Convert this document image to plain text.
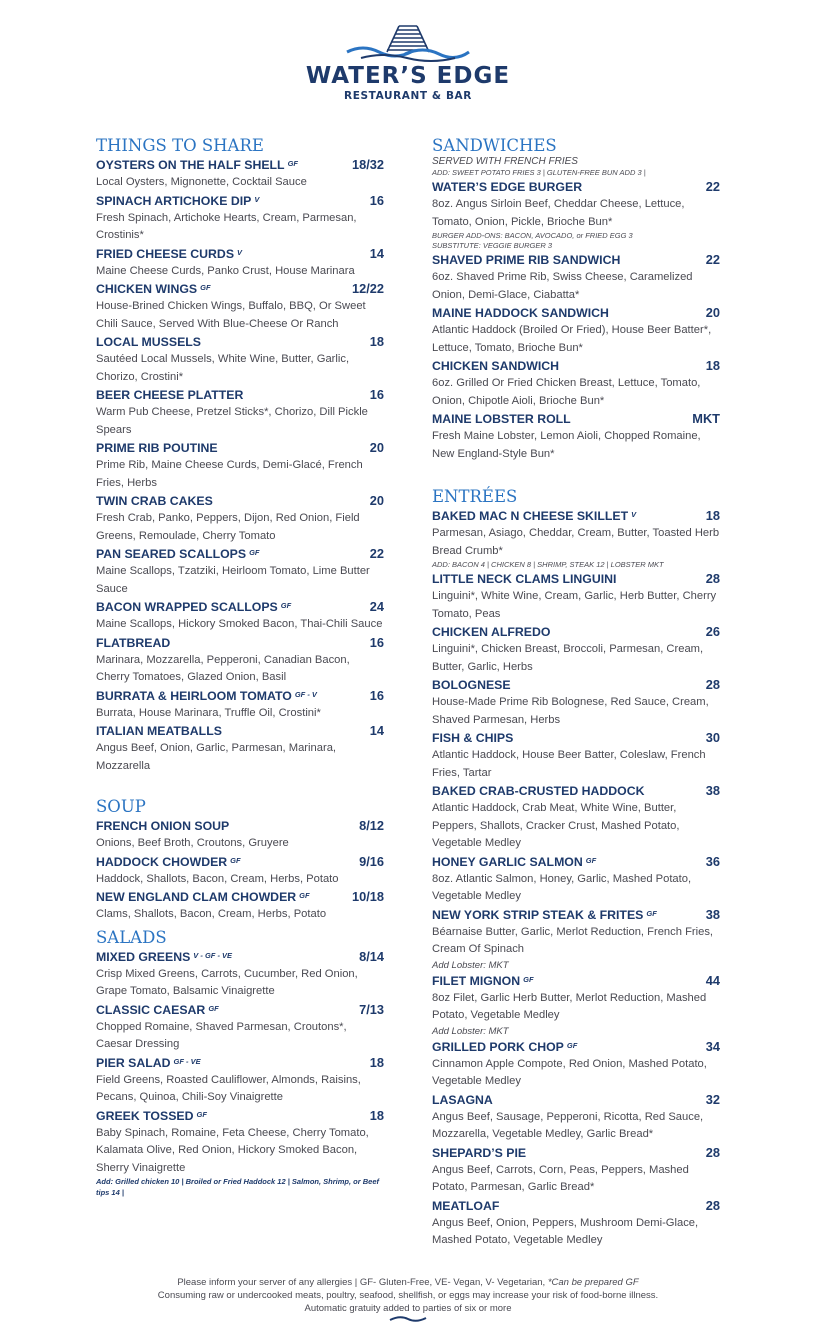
WATER’S EDGE
RESTAURANT & BAR
THINGS TO SHARE
OYSTERS ON THE HALF SHELL GF	18/32
Local Oysters, Mignonette, Cocktail Sauce
SPINACH ARTICHOKE DIP V	16
Fresh Spinach, Artichoke Hearts, Cream, Parmesan, Crostinis*
FRIED CHEESE CURDS V	14
Maine Cheese Curds, Panko Crust, House Marinara
CHICKEN WINGS GF	12/22
House-Brined Chicken Wings, Buffalo, BBQ, Or Sweet Chili Sauce, Served With Blue-Cheese Or Ranch
LOCAL MUSSELS	18
Sautéed Local Mussels, White Wine, Butter, Garlic, Chorizo, Crostini*
BEER CHEESE PLATTER	16
Warm Pub Cheese, Pretzel Sticks*, Chorizo, Dill Pickle Spears
PRIME RIB POUTINE	20
Prime Rib, Maine Cheese Curds, Demi-Glacé, French Fries, Herbs
TWIN CRAB CAKES	20
Fresh Crab, Panko, Peppers, Dijon, Red Onion, Field Greens, Remoulade, Cherry Tomato
PAN SEARED SCALLOPS GF	22
Maine Scallops, Tzatziki, Heirloom Tomato, Lime Butter Sauce
BACON WRAPPED SCALLOPS GF	24
Maine Scallops, Hickory Smoked Bacon, Thai-Chili Sauce
FLATBREAD	16
Marinara, Mozzarella, Pepperoni, Canadian Bacon, Cherry Tomatoes, Glazed Onion, Basil
BURRATA & HEIRLOOM TOMATO GF - V	16
Burrata, House Marinara, Truffle Oil, Crostini*
ITALIAN MEATBALLS	14
Angus Beef, Onion, Garlic, Parmesan, Marinara, Mozzarella
SOUP
FRENCH ONION SOUP	8/12
Onions, Beef Broth, Croutons, Gruyere
HADDOCK CHOWDER GF	9/16
Haddock, Shallots, Bacon, Cream, Herbs, Potato
NEW ENGLAND CLAM CHOWDER GF	10/18
Clams, Shallots, Bacon, Cream, Herbs, Potato
SALADS
MIXED GREENS V - GF - VE	8/14
Crisp Mixed Greens, Carrots, Cucumber, Red Onion, Grape Tomato, Balsamic Vinaigrette
CLASSIC CAESAR GF	7/13
Chopped Romaine, Shaved Parmesan, Croutons*, Caesar Dressing
PIER SALAD GF - VE	18
Field Greens, Roasted Cauliflower, Almonds, Raisins, Pecans, Quinoa, Chili-Soy Vinaigrette
GREEK TOSSED GF	18
Baby Spinach, Romaine, Feta Cheese, Cherry Tomato, Kalamata Olive, Red Onion, Hickory Smoked Bacon, Sherry Vinaigrette
Add: Grilled chicken 10 | Broiled or Fried Haddock 12 | Salmon, Shrimp, or Beef tips 14 |
SANDWICHES
SERVED WITH FRENCH FRIES
ADD: SWEET POTATO FRIES 3 | GLUTEN-FREE BUN ADD 3 |
WATER’S EDGE BURGER	22
8oz. Angus Sirloin Beef, Cheddar Cheese, Lettuce, Tomato, Onion, Pickle, Brioche Bun*
BURGER ADD-ONS: BACON, AVOCADO, or FRIED EGG 3
SUBSTITUTE: VEGGIE BURGER 3
SHAVED PRIME RIB SANDWICH	22
6oz. Shaved Prime Rib, Swiss Cheese, Caramelized Onion, Demi-Glace, Ciabatta*
MAINE HADDOCK SANDWICH	20
Atlantic Haddock (Broiled Or Fried), House Beer Batter*, Lettuce, Tomato, Brioche Bun*
CHICKEN SANDWICH	18
6oz. Grilled Or Fried Chicken Breast, Lettuce, Tomato, Onion, Chipotle Aioli, Brioche Bun*
MAINE LOBSTER ROLL	MKT
Fresh Maine Lobster, Lemon Aioli, Chopped Romaine, New England-Style Bun*
ENTRÉES
BAKED MAC N CHEESE SKILLET V	18
Parmesan, Asiago, Cheddar, Cream, Butter, Toasted Herb Bread Crumb*
ADD: BACON 4 | CHICKEN 8 | SHRIMP, STEAK 12 | LOBSTER MKT
LITTLE NECK CLAMS LINGUINI	28
Linguini*, White Wine, Cream, Garlic, Herb Butter, Cherry Tomato, Peas
CHICKEN ALFREDO	26
Linguini*, Chicken Breast, Broccoli, Parmesan, Cream, Butter, Garlic, Herbs
BOLOGNESE	28
House-Made Prime Rib Bolognese, Red Sauce, Cream, Shaved Parmesan, Herbs
FISH & CHIPS	30
Atlantic Haddock, House Beer Batter, Coleslaw, French Fries, Tartar
BAKED CRAB-CRUSTED HADDOCK	38
Atlantic Haddock, Crab Meat, White Wine, Butter, Peppers, Shallots, Cracker Crust, Mashed Potato, Vegetable Medley
HONEY GARLIC SALMON GF	36
8oz. Atlantic Salmon, Honey, Garlic, Mashed Potato, Vegetable Medley
NEW YORK STRIP STEAK & FRITES GF	38
Béarnaise Butter, Garlic, Merlot Reduction, French Fries, Cream Of Spinach
Add Lobster: MKT
FILET MIGNON GF	44
8oz Filet, Garlic Herb Butter, Merlot Reduction, Mashed Potato, Vegetable Medley
Add Lobster: MKT
GRILLED PORK CHOP GF	34
Cinnamon Apple Compote, Red Onion, Mashed Potato, Vegetable Medley
LASAGNA	32
Angus Beef, Sausage, Pepperoni, Ricotta, Red Sauce, Mozzarella, Vegetable Medley, Garlic Bread*
SHEPARD’S PIE	28
Angus Beef, Carrots, Corn, Peas, Peppers, Mashed Potato, Parmesan, Garlic Bread*
MEATLOAF	28
Angus Beef, Onion, Peppers, Mushroom Demi-Glace, Mashed Potato, Vegetable Medley
Please inform your server of any allergies | GF- Gluten-Free, VE- Vegan, V- Vegetarian, *Can be prepared GF
Consuming raw or undercooked meats, poultry, seafood, shellfish, or eggs may increase your risk of food-borne illness.
Automatic gratuity added to parties of six or more
